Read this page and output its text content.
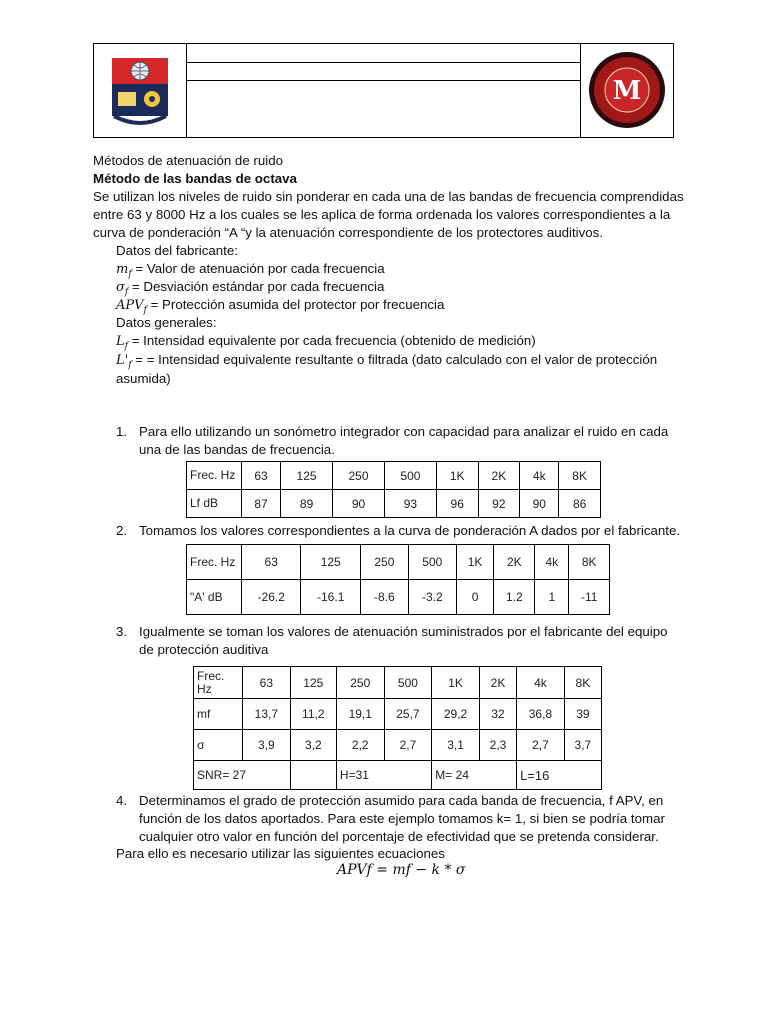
M
Métodos de atenuación de ruido
Método de las bandas de octava
Se utilizan los niveles de ruido sin ponderar en cada una de las bandas de frecuencia comprendidas
entre 63 y 8000 Hz a los cuales se les aplica de forma ordenada los valores correspondientes a la
curva de ponderación “A “y la atenuación correspondiente de los protectores auditivos.
Datos del fabricante:
$m_f$ = Valor de atenuación por cada frecuencia
$\sigma_f$ = Desviación estándar por cada frecuencia
$APV_f$ = Protección asumida del protector por frecuencia
Datos generales:
$L_f$ = Intensidad equivalente por cada frecuencia (obtenido de medición)
$L'_f$ = = Intensidad equivalente resultante o filtrada (dato calculado con el valor de protección
asumida)
1. Para ello utilizando un sonómetro integrador con capacidad para analizar el ruido en cada
una de las bandas de frecuencia.
Frec. Hz	63	125	250	500	1K	2K	4k	8K
Lf dB	87	89	90	93	96	92	90	86
2. Tomamos los valores correspondientes a la curva de ponderación A dados por el fabricante.
Frec. Hz	63	125	250	500	1K	2K	4k	8K
"A' dB	-26.2	-16.1	-8.6	-3.2	0	1.2	1	-11
3. Igualmente se toman los valores de atenuación suministrados por el fabricante del equipo
de protección auditiva
Frec. Hz	63	125	250	500	1K	2K	4k	8K
mf	13,7	11,2	19,1	25,7	29,2	32	36,8	39
σ	3,9	3,2	2,2	2,7	3,1	2,3	2,7	3,7
SNR= 27			H=31		M= 24		L=16	
4. Determinamos el grado de protección asumido para cada banda de frecuencia, f APV, en
función de los datos aportados. Para este ejemplo tomamos k= 1, si bien se podría tomar
cualquier otro valor en función del porcentaje de efectividad que se pretenda considerar.
Para ello es necesario utilizar las siguientes ecuaciones
APVf = mf − k * σ
